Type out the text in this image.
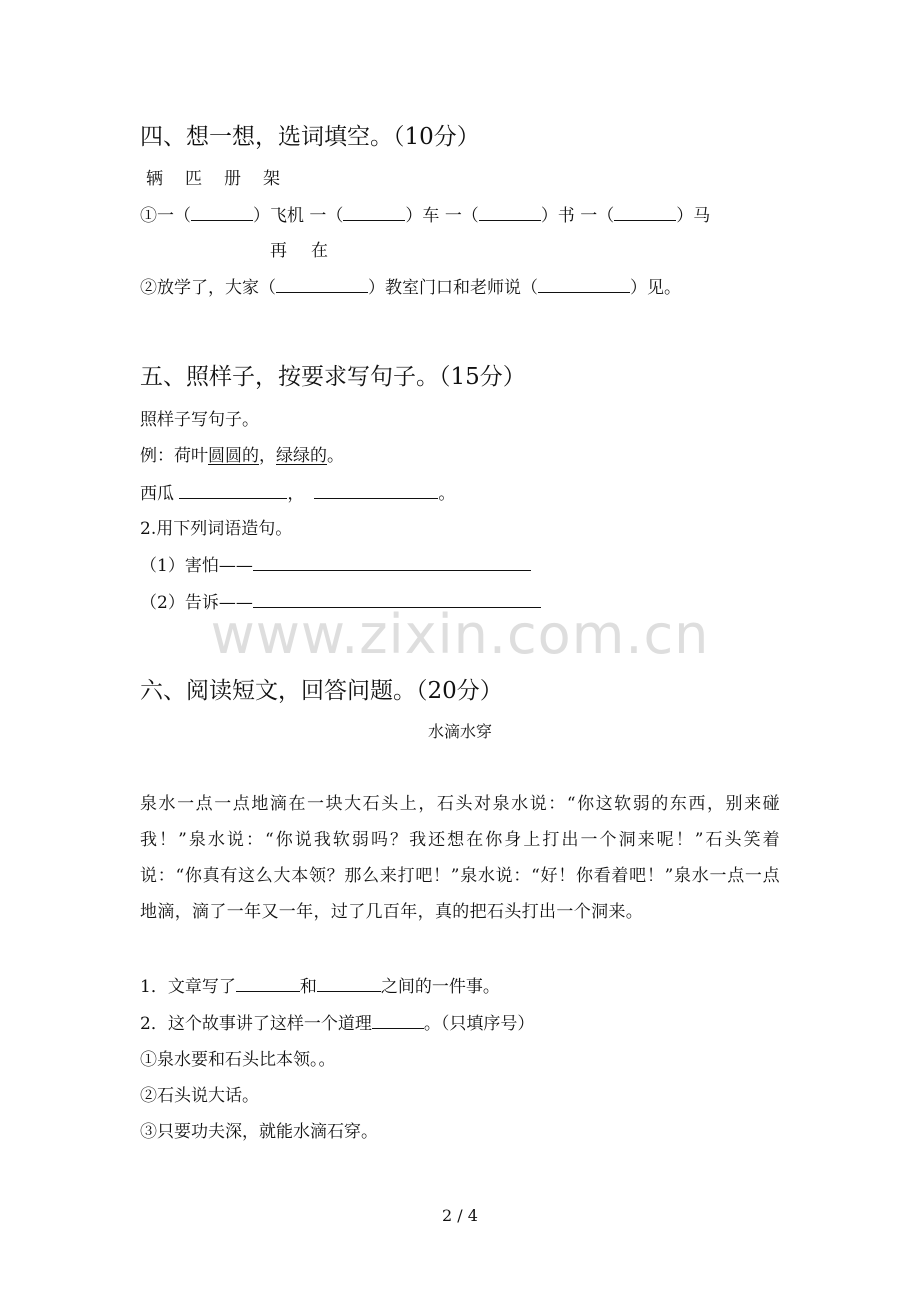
四、想一想，选词填空。（10分）
辆 匹 册 架
①一（	）飞机 一（	）车 一（	）书 一（	）马
再 在
②放学了，大家（	）教室门口和老师说（	）见。
五、照样子，按要求写句子。（15分）
照样子写句子。
例：荷叶圆圆的，绿绿的。
西瓜	，	。
2.用下列词语造句。
（1）害怕——
（2）告诉——
www.zixin.com.cn
六、阅读短文，回答问题。（20分）
水滴水穿
泉水一点一点地滴在一块大石头上，石头对泉水说：“你这软弱的东西，别来碰我！”泉水说：“你说我软弱吗？我还想在你身上打出一个洞来呢！”石头笑着说：“你真有这么大本领？那么来打吧！”泉水说：“好！你看着吧！”泉水一点一点地滴，滴了一年又一年，过了几百年，真的把石头打出一个洞来。
1．文章写了	和	之间的一件事。
2．这个故事讲了这样一个道理	。（只填序号）
①泉水要和石头比本领。。
②石头说大话。
③只要功夫深，就能水滴石穿。
2 / 4
